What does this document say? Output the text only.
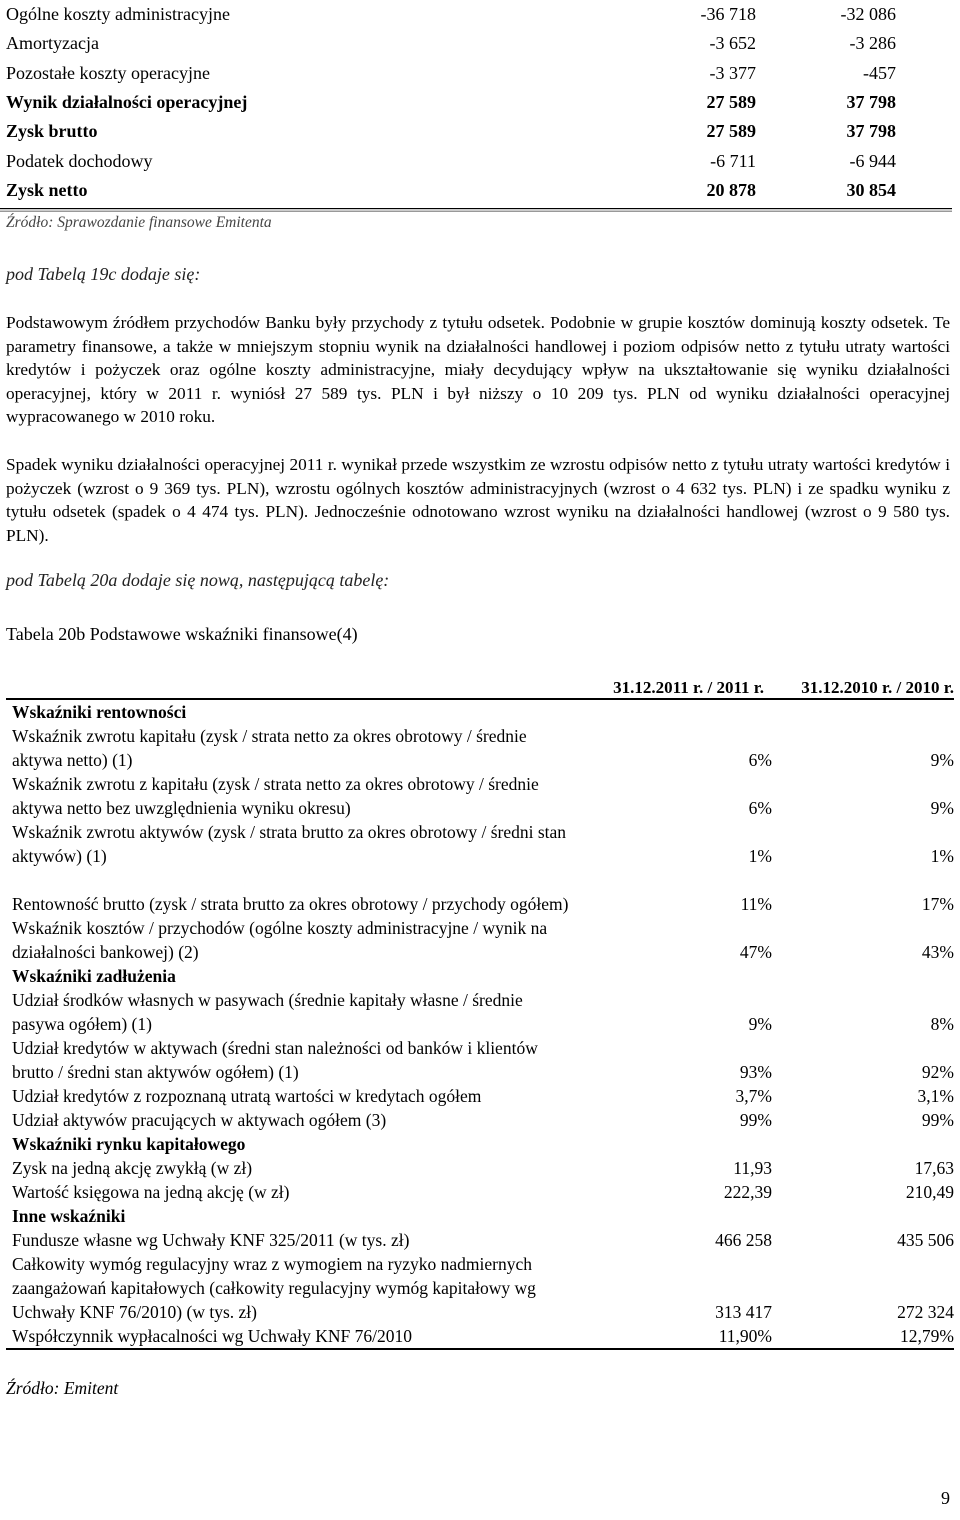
Ogólne koszty administracyjne	-36 718	-32 086
Amortyzacja	-3 652	-3 286
Pozostałe koszty operacyjne	-3 377	-457
Wynik działalności operacyjnej	27 589	37 798
Zysk brutto	27 589	37 798
Podatek dochodowy	-6 711	-6 944
Zysk netto	20 878	30 854
Źródło: Sprawozdanie finansowe Emitenta
pod Tabelą 19c dodaje się:
Podstawowym źródłem przychodów Banku były przychody z tytułu odsetek. Podobnie w grupie kosztów dominują koszty odsetek. Te parametry finansowe, a także w mniejszym stopniu wynik na działalności handlowej i poziom odpisów netto z tytułu utraty wartości kredytów i pożyczek oraz ogólne koszty administracyjne, miały decydujący wpływ na ukształtowanie się wyniku działalności operacyjnej, który w 2011 r. wyniósł 27 589 tys. PLN i był niższy o 10 209 tys. PLN od wyniku działalności operacyjnej wypracowanego w 2010 roku.
Spadek wyniku działalności operacyjnej 2011 r. wynikał przede wszystkim ze wzrostu odpisów netto z tytułu utraty wartości kredytów i pożyczek (wzrost o 9 369 tys. PLN), wzrostu ogólnych kosztów administracyjnych (wzrost o 4 632 tys. PLN) i ze spadku wyniku z tytułu odsetek (spadek o 4 474 tys. PLN). Jednocześnie odnotowano wzrost wyniku na działalności handlowej (wzrost o 9 580 tys. PLN).
pod Tabelą 20a dodaje się nową, następującą tabelę:
Tabela 20b Podstawowe wskaźniki finansowe(4)
31.12.2011 r. / 2011 r.	31.12.2010 r. / 2010 r.
Wskaźniki rentowności
Wskaźnik zwrotu kapitału (zysk / strata netto za okres obrotowy / średnie aktywa netto) (1)	6%	9%
Wskaźnik zwrotu z kapitału (zysk / strata netto za okres obrotowy / średnie aktywa netto bez uwzględnienia wyniku okresu)	6%	9%
Wskaźnik zwrotu aktywów (zysk / strata brutto za okres obrotowy / średni stan aktywów) (1)	1%	1%
Rentowność brutto (zysk / strata brutto za okres obrotowy / przychody ogółem)	11%	17%
Wskaźnik kosztów / przychodów (ogólne koszty administracyjne / wynik na działalności bankowej) (2)	47%	43%
Wskaźniki zadłużenia
Udział środków własnych w pasywach (średnie kapitały własne / średnie pasywa ogółem) (1)	9%	8%
Udział kredytów w aktywach (średni stan należności od banków i klientów brutto / średni stan aktywów ogółem) (1)	93%	92%
Udział kredytów z rozpoznaną utratą wartości w kredytach ogółem	3,7%	3,1%
Udział aktywów pracujących w aktywach ogółem (3)	99%	99%
Wskaźniki rynku kapitałowego
Zysk na jedną akcję zwykłą (w zł)	11,93	17,63
Wartość księgowa na jedną akcję (w zł)	222,39	210,49
Inne wskaźniki
Fundusze własne wg Uchwały KNF 325/2011 (w tys. zł)	466 258	435 506
Całkowity wymóg regulacyjny wraz z wymogiem na ryzyko nadmiernych zaangażowań kapitałowych (całkowity regulacyjny wymóg kapitałowy wg Uchwały KNF 76/2010) (w tys. zł)	313 417	272 324
Współczynnik wypłacalności wg Uchwały KNF 76/2010	11,90%	12,79%
Źródło: Emitent
9
